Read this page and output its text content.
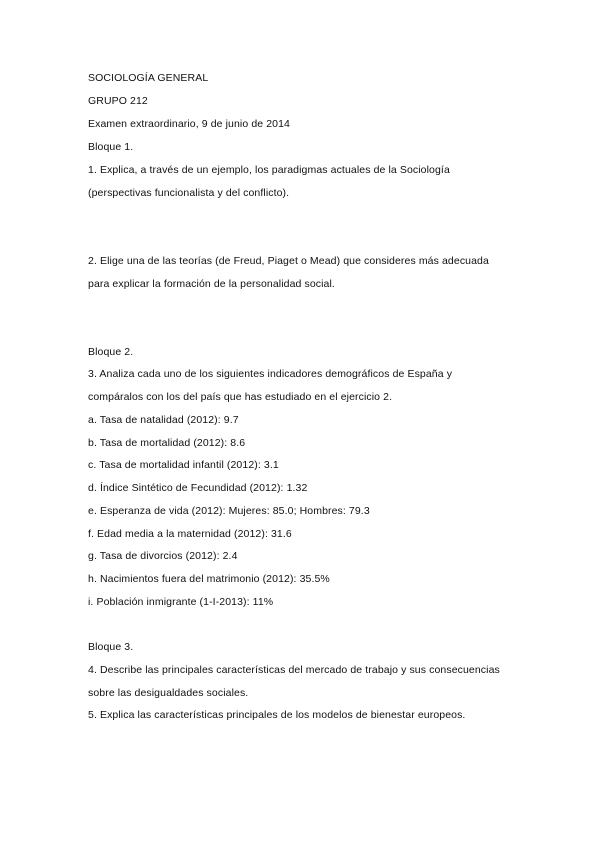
SOCIOLOGÍA GENERAL
GRUPO 212
Examen extraordinario, 9 de junio de 2014
Bloque 1.
1. Explica, a través de un ejemplo, los paradigmas actuales de la Sociología
(perspectivas funcionalista y del conflicto).
2. Elige una de las teorías (de Freud, Piaget o Mead) que consideres más adecuada
para explicar la formación de la personalidad social.
Bloque 2.
3. Analiza cada uno de los siguientes indicadores demográficos de España y
compáralos con los del país que has estudiado en el ejercicio 2.
a. Tasa de natalidad (2012): 9.7
b. Tasa de mortalidad (2012): 8.6
c. Tasa de mortalidad infantil (2012): 3.1
d. Índice Sintético de Fecundidad (2012): 1.32
e. Esperanza de vida (2012): Mujeres: 85.0; Hombres: 79.3
f. Edad media a la maternidad (2012): 31.6
g. Tasa de divorcios (2012): 2.4
h. Nacimientos fuera del matrimonio (2012): 35.5%
i. Población inmigrante (1-I-2013): 11%
Bloque 3.
4. Describe las principales características del mercado de trabajo y sus consecuencias
sobre las desigualdades sociales.
5. Explica las características principales de los modelos de bienestar europeos.
